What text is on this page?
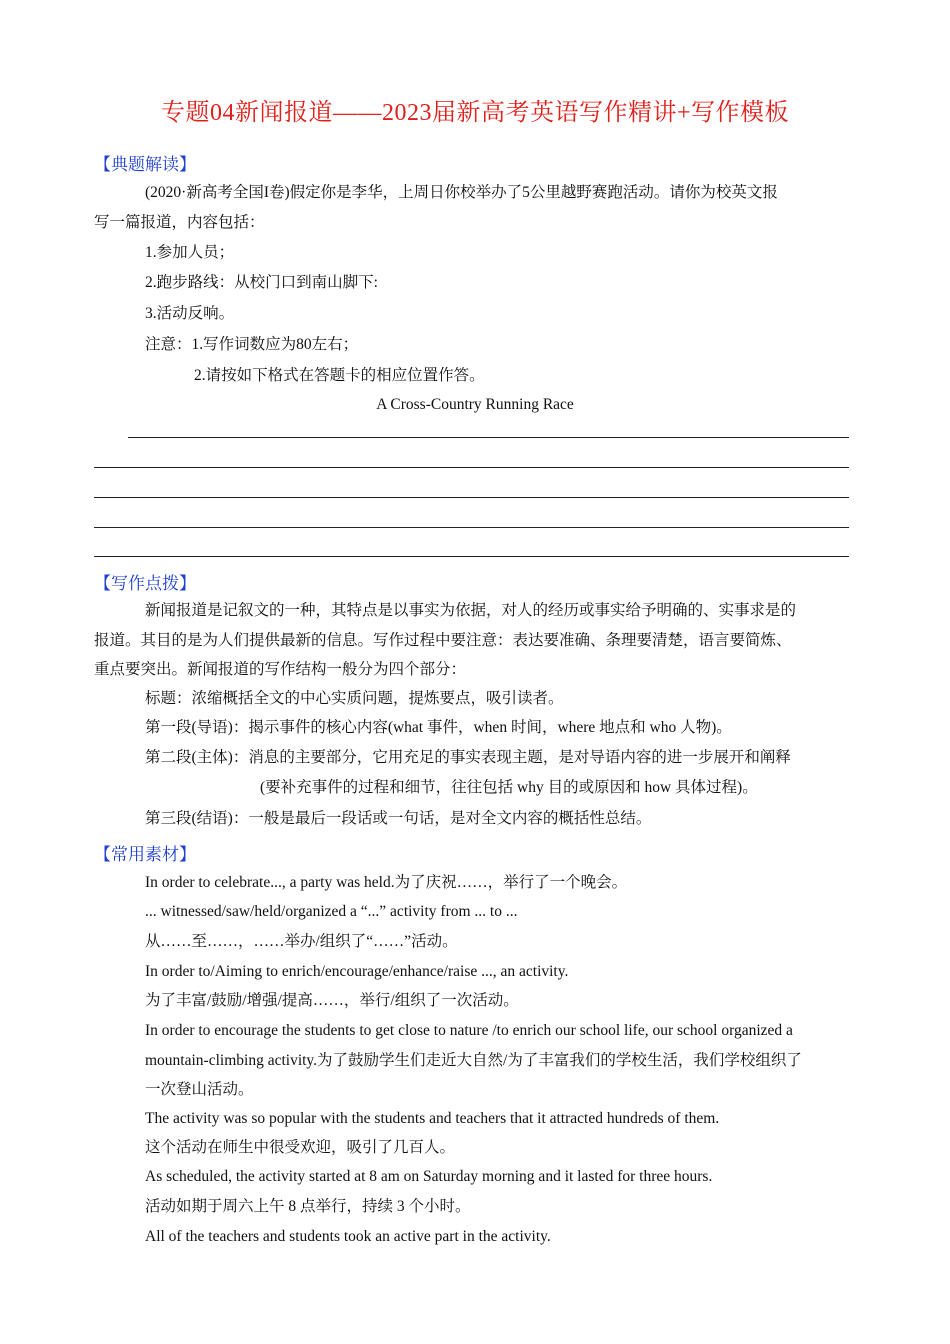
专题04新闻报道——2023届新高考英语写作精讲+写作模板
【典题解读】
(2020·新高考全国I卷)假定你是李华，上周日你校举办了5公里越野赛跑活动。请你为校英文报
写一篇报道，内容包括：
1.参加人员；
2.跑步路线：从校门口到南山脚下:
3.活动反响。
注意：1.写作词数应为80左右；
2.请按如下格式在答题卡的相应位置作答。
A Cross-Country Running Race
【写作点拨】
新闻报道是记叙文的一种，其特点是以事实为依据，对人的经历或事实给予明确的、实事求是的
报道。其目的是为人们提供最新的信息。写作过程中要注意：表达要准确、条理要清楚，语言要简炼、
重点要突出。新闻报道的写作结构一般分为四个部分：
标题：浓缩概括全文的中心实质问题，提炼要点，吸引读者。
第一段(导语)：揭示事件的核心内容(what 事件，when 时间，where 地点和 who 人物)。
第二段(主体)：消息的主要部分，它用充足的事实表现主题，是对导语内容的进一步展开和阐释
(要补充事件的过程和细节，往往包括 why 目的或原因和 how 具体过程)。
第三段(结语)：一般是最后一段话或一句话，是对全文内容的概括性总结。
【常用素材】
In order to celebrate..., a party was held.为了庆祝……，举行了一个晚会。
... witnessed/saw/held/organized a “...” activity from ... to ...
从……至……，……举办/组织了“……”活动。
In order to/Aiming to enrich/encourage/enhance/raise ..., an activity.
为了丰富/鼓励/增强/提高……，举行/组织了一次活动。
In order to encourage the students to get close to nature /to enrich our school life, our school organized a
mountain-climbing activity.为了鼓励学生们走近大自然/为了丰富我们的学校生活，我们学校组织了
一次登山活动。
The activity was so popular with the students and teachers that it attracted hundreds of them.
这个活动在师生中很受欢迎，吸引了几百人。
As scheduled, the activity started at 8 am on Saturday morning and it lasted for three hours.
活动如期于周六上午 8 点举行，持续 3 个小时。
All of the teachers and students took an active part in the activity.
